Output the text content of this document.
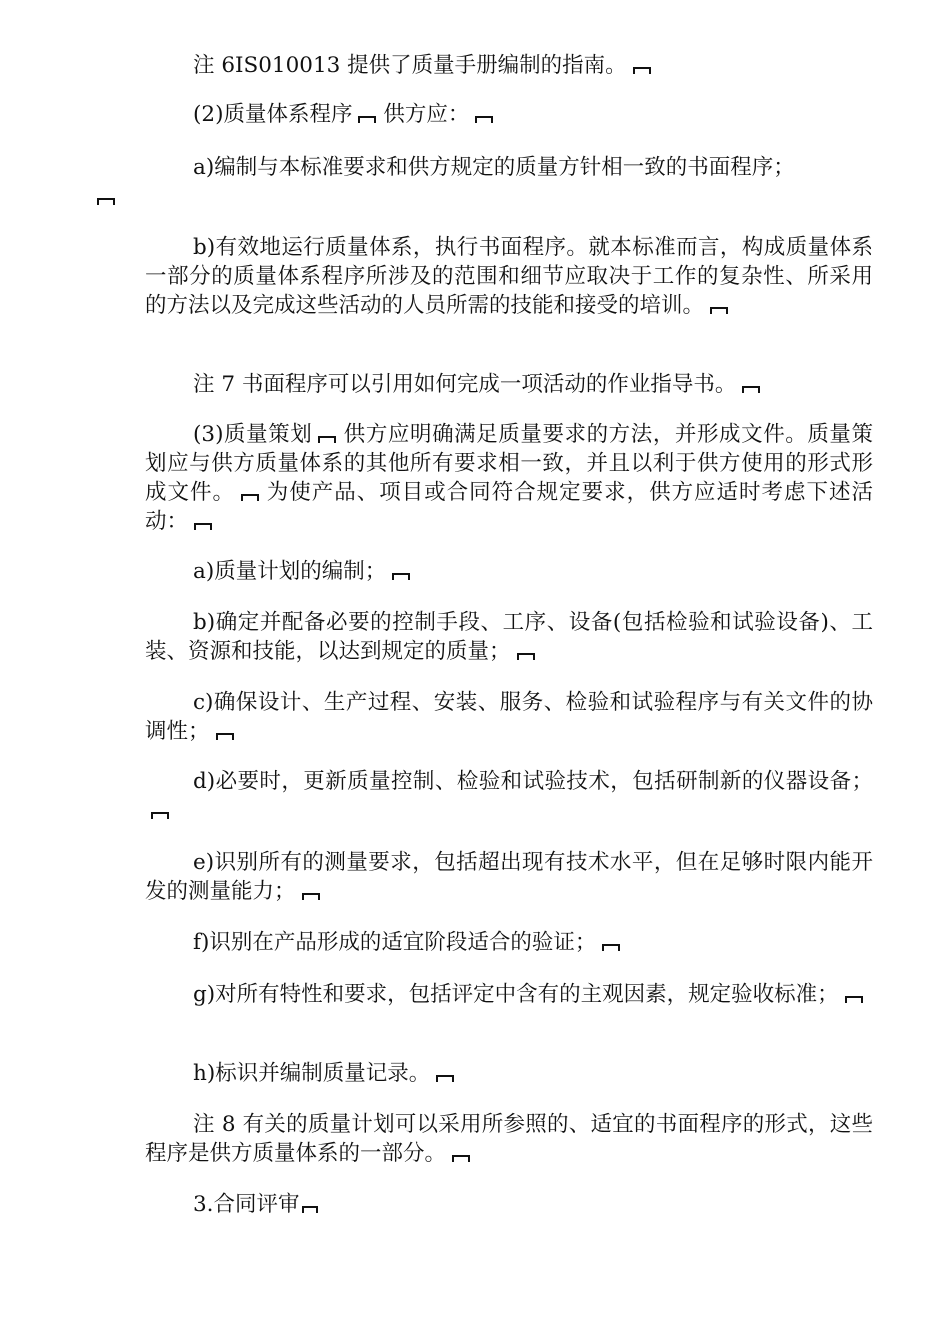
注 6IS010013 提供了质量手册编制的指南。

(2)质量体系程序 供方应：

a)编制与本标准要求和供方规定的质量方针相一致的书面程序；

b)有效地运行质量体系，执行书面程序。就本标准而言，构成质量体系一部分的质量体系程序所涉及的范围和细节应取决于工作的复杂性、所采用的方法以及完成这些活动的人员所需的技能和接受的培训。

注 7 书面程序可以引用如何完成一项活动的作业指导书。

(3)质量策划 供方应明确满足质量要求的方法，并形成文件。质量策划应与供方质量体系的其他所有要求相一致，并且以利于供方使用的形式形成文件。 为使产品、项目或合同符合规定要求，供方应适时考虑下述活动：

a)质量计划的编制；

b)确定并配备必要的控制手段、工序、设备(包括检验和试验设备)、工装、资源和技能，以达到规定的质量；

c)确保设计、生产过程、安装、服务、检验和试验程序与有关文件的协调性；

d)必要时，更新质量控制、检验和试验技术，包括研制新的仪器设备；

e)识别所有的测量要求，包括超出现有技术水平，但在足够时限内能开发的测量能力；

f)识别在产品形成的适宜阶段适合的验证；

g)对所有特性和要求，包括评定中含有的主观因素，规定验收标准；

h)标识并编制质量记录。

注 8 有关的质量计划可以采用所参照的、适宜的书面程序的形式，这些程序是供方质量体系的一部分。

3.合同评审
